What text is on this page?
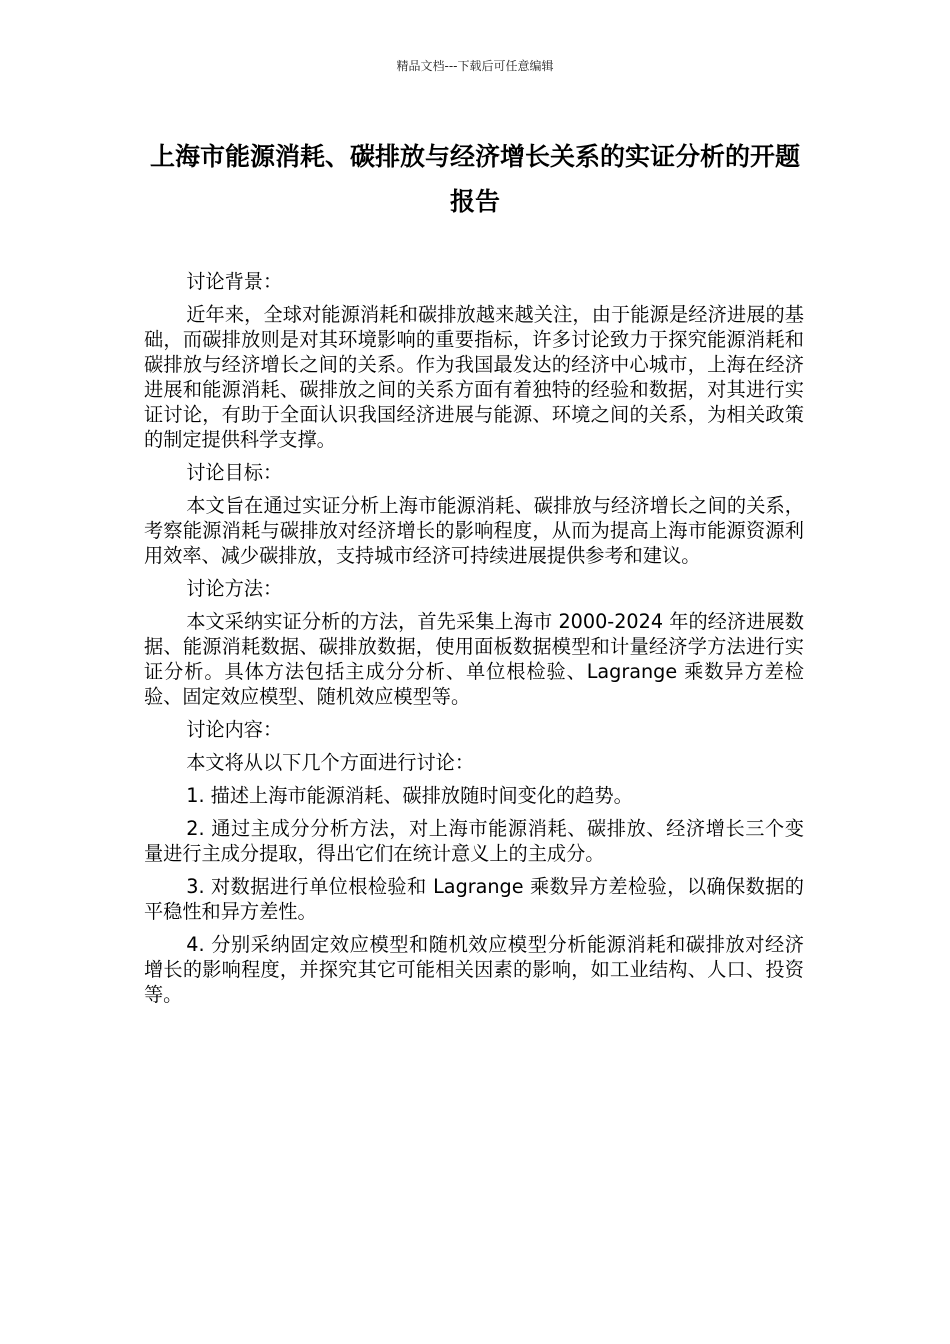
精品文档---下载后可任意编辑
上海市能源消耗、碳排放与经济增长关系的实证分析的开题报告

讨论背景：

近年来，全球对能源消耗和碳排放越来越关注，由于能源是经济进展的基础，而碳排放则是对其环境影响的重要指标，许多讨论致力于探究能源消耗和碳排放与经济增长之间的关系。作为我国最发达的经济中心城市，上海在经济进展和能源消耗、碳排放之间的关系方面有着独特的经验和数据，对其进行实证讨论，有助于全面认识我国经济进展与能源、环境之间的关系，为相关政策的制定提供科学支撑。

讨论目标：

本文旨在通过实证分析上海市能源消耗、碳排放与经济增长之间的关系，考察能源消耗与碳排放对经济增长的影响程度，从而为提高上海市能源资源利用效率、减少碳排放，支持城市经济可持续进展提供参考和建议。

讨论方法：

本文采纳实证分析的方法，首先采集上海市 2000-2024 年的经济进展数据、能源消耗数据、碳排放数据，使用面板数据模型和计量经济学方法进行实证分析。具体方法包括主成分分析、单位根检验、Lagrange 乘数异方差检验、固定效应模型、随机效应模型等。

讨论内容：

本文将从以下几个方面进行讨论：

1. 描述上海市能源消耗、碳排放随时间变化的趋势。

2. 通过主成分分析方法，对上海市能源消耗、碳排放、经济增长三个变量进行主成分提取，得出它们在统计意义上的主成分。

3. 对数据进行单位根检验和 Lagrange 乘数异方差检验，以确保数据的平稳性和异方差性。

4. 分别采纳固定效应模型和随机效应模型分析能源消耗和碳排放对经济增长的影响程度，并探究其它可能相关因素的影响，如工业结构、人口、投资等。
